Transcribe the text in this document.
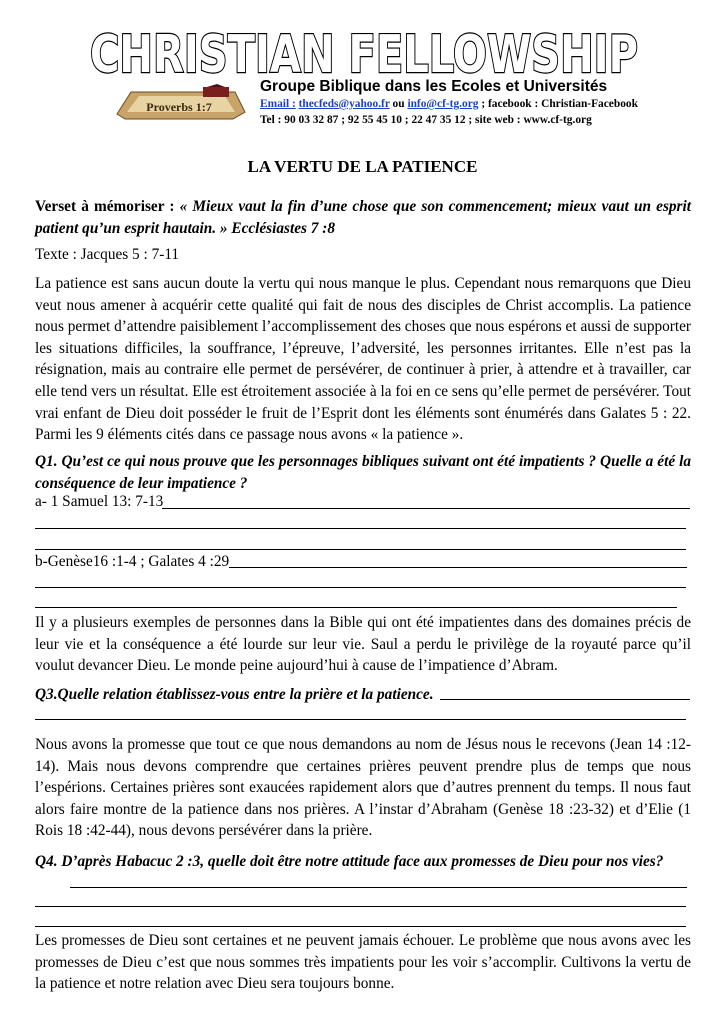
CHRISTIAN FELLOWSHIP
Proverbs 1:7
Groupe Biblique dans les Ecoles et Universités
Email : thecfeds@yahoo.fr ou info@cf-tg.org ; facebook : Christian-Facebook
Tel : 90 03 32 87 ; 92 55 45 10 ; 22 47 35 12 ; site web : www.cf-tg.org
LA VERTU DE LA PATIENCE
Verset à mémoriser : « Mieux vaut la fin d’une chose que son commencement; mieux vaut un esprit patient qu’un esprit hautain. » Ecclésiastes 7 :8
Texte : Jacques 5 : 7-11
La patience est sans aucun doute la vertu qui nous manque le plus. Cependant nous remarquons que Dieu veut nous amener à acquérir cette qualité qui fait de nous des disciples de Christ accomplis. La patience nous permet d’attendre paisiblement l’accomplissement des choses que nous espérons et aussi de supporter les situations difficiles, la souffrance, l’épreuve, l’adversité, les personnes irritantes. Elle n’est pas la résignation, mais au contraire elle permet de persévérer, de continuer à prier, à attendre et à travailler, car elle tend vers un résultat. Elle est étroitement associée à la foi en ce sens qu’elle permet de persévérer. Tout vrai enfant de Dieu doit posséder le fruit de l’Esprit dont les éléments sont énumérés dans Galates 5 : 22. Parmi les 9 éléments cités dans ce passage nous avons « la patience ».
Q1. Qu’est ce qui nous prouve que les personnages bibliques suivant ont été impatients ? Quelle a été la conséquence de leur impatience ?
a- 1 Samuel 13: 7-13
b-Genèse16 :1-4 ; Galates 4 :29
Il y a plusieurs exemples de personnes dans la Bible qui ont été impatientes dans des domaines précis de leur vie et la conséquence a été lourde sur leur vie. Saul a perdu le privilège de la royauté parce qu’il voulut devancer Dieu. Le monde peine aujourd’hui à cause de l’impatience d’Abram.
Q3.Quelle relation établissez-vous entre la prière et la patience.
Nous avons la promesse que tout ce que nous demandons au nom de Jésus nous le recevons (Jean 14 :12-14). Mais nous devons comprendre que certaines prières peuvent prendre plus de temps que nous l’espérions. Certaines prières sont exaucées rapidement alors que d’autres prennent du temps. Il nous faut alors faire montre de la patience dans nos prières. A l’instar d’Abraham (Genèse 18 :23-32) et d’Elie (1 Rois 18 :42-44), nous devons persévérer dans la prière.
Q4. D’après Habacuc 2 :3, quelle doit être notre attitude face aux promesses de Dieu pour nos vies?
Les promesses de Dieu sont certaines et ne peuvent jamais échouer. Le problème que nous avons avec les promesses de Dieu c’est que nous sommes très impatients pour les voir s’accomplir. Cultivons la vertu de la patience et notre relation avec Dieu sera toujours bonne.
